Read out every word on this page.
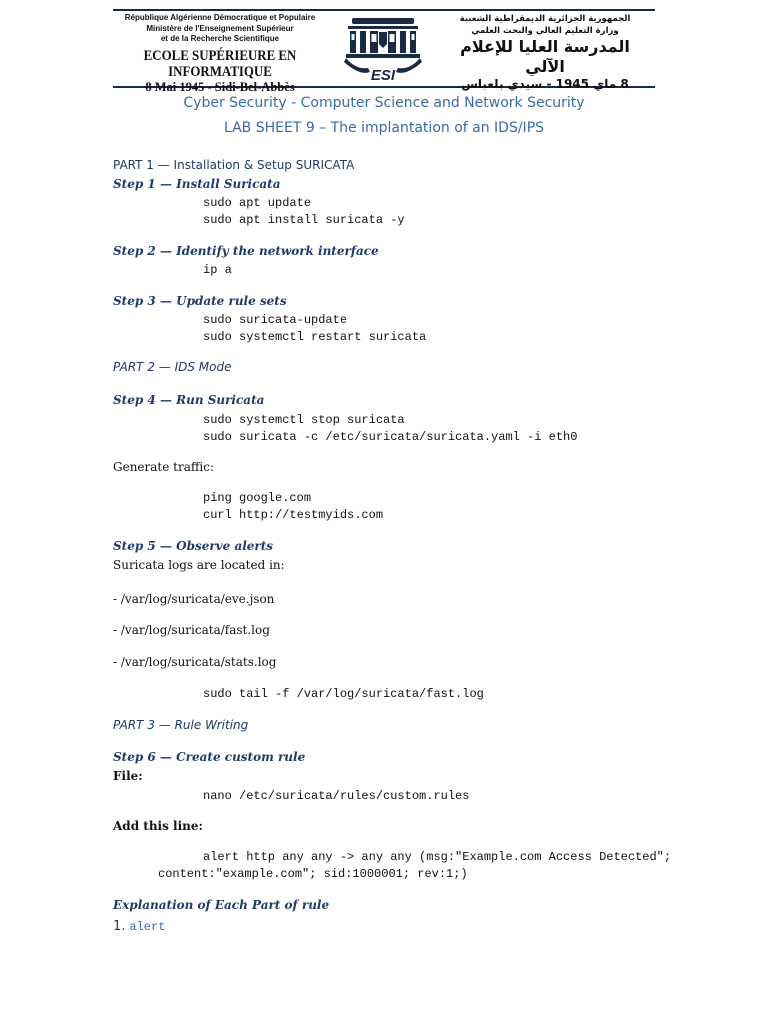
République Algérienne Démocratique et Populaire
Ministère de l'Enseignement Supérieur
et de la Recherche Scientifique
ECOLE SUPÉRIEURE EN INFORMATIQUE
8 Mai 1945 - Sidi-Bel-Abbès
ESI
الجمهورية الجزائرية الديمقراطية الشعبية
وزارة التعليم العالي والبحث العلمي
المدرسة العليا للإعلام الآلي
8 ماي 1945 - سيدي بلعباس
Cyber Security - Computer Science and Network Security
LAB SHEET 9 – The implantation of an IDS/IPS
PART 1 — Installation & Setup SURICATA
Step 1 — Install Suricata
sudo apt update
sudo apt install suricata -y
Step 2 — Identify the network interface
ip a
Step 3 — Update rule sets
sudo suricata-update
sudo systemctl restart suricata
PART 2 — IDS Mode
Step 4 — Run Suricata
sudo systemctl stop suricata
sudo suricata -c /etc/suricata/suricata.yaml -i eth0
Generate traffic:
ping google.com
curl http://testmyids.com
Step 5 — Observe alerts
Suricata logs are located in:
- /var/log/suricata/eve.json
- /var/log/suricata/fast.log
- /var/log/suricata/stats.log
sudo tail -f /var/log/suricata/fast.log
PART 3 — Rule Writing
Step 6 — Create custom rule
File:
nano /etc/suricata/rules/custom.rules
Add this line:
alert http any any -> any any (msg:"Example.com Access Detected";
content:"example.com"; sid:1000001; rev:1;)
Explanation of Each Part of rule
1. alert
